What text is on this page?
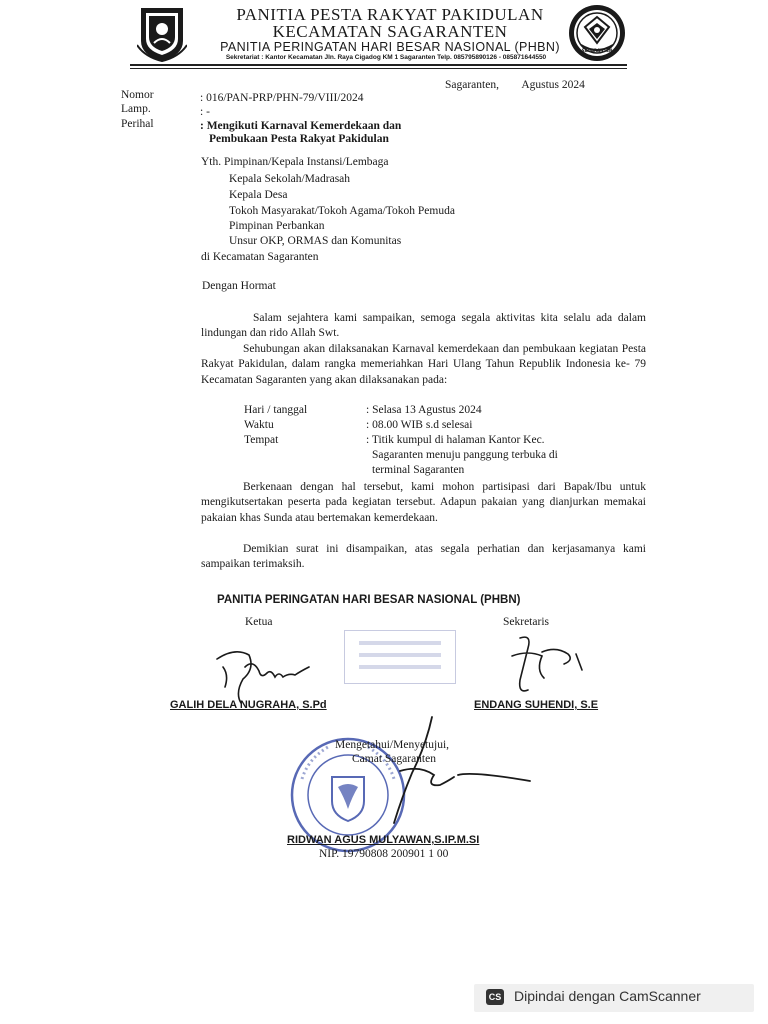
PANITIA PESTA RAKYAT PAKIDULAN
KECAMATAN SAGARANTEN
PANITIA PERINGATAN HARI BESAR NASIONAL (PHBN)
Sekretariat : Kantor Kecamatan Jln. Raya Cigadog KM 1 Sagaranten Telp. 085795890126 - 085871644550
SAGARANTEN
Sagaranten,        Agustus 2024
Nomor	: 016/PAN-PRP/PHN-79/VIII/2024
Lamp.	: -
Perihal	: Mengikuti Karnaval Kemerdekaan dan
Pembukaan Pesta Rakyat Pakidulan
Yth. Pimpinan/Kepala Instansi/Lembaga
Kepala Sekolah/Madrasah
Kepala Desa
Tokoh Masyarakat/Tokoh Agama/Tokoh Pemuda
Pimpinan Perbankan
Unsur OKP, ORMAS dan Komunitas
di Kecamatan Sagaranten
Dengan Hormat
Salam sejahtera kami sampaikan, semoga segala aktivitas kita selalu ada dalam lindungan dan rido Allah Swt.
Sehubungan akan dilaksanakan Karnaval kemerdekaan dan pembukaan kegiatan Pesta Rakyat Pakidulan, dalam rangka memeriahkan Hari Ulang Tahun Republik Indonesia ke- 79 Kecamatan Sagaranten yang akan dilaksanakan pada:
Hari / tanggal	: Selasa 13 Agustus 2024
Waktu	: 08.00 WIB s.d selesai
Tempat	: Titik kumpul di halaman Kantor Kec.
Sagaranten menuju panggung terbuka di
terminal Sagaranten
Berkenaan dengan hal tersebut, kami mohon partisipasi dari Bapak/Ibu untuk mengikutsertakan peserta pada kegiatan tersebut. Adapun pakaian yang dianjurkan memakai pakaian khas Sunda atau bertemakan kemerdekaan.
Demikian surat ini disampaikan, atas segala perhatian dan kerjasamanya kami sampaikan terimaksih.
PANITIA PERINGATAN HARI BESAR NASIONAL (PHBN)
Ketua	Sekretaris
GALIH DELA NUGRAHA, S.Pd	ENDANG SUHENDI, S.E
Mengetahui/Menyetujui,
Camat Sagaranten
RIDWAN AGUS MULYAWAN,S.IP.M.SI
NIP. 19790808 200901 1 00
CS Dipindai dengan CamScanner
